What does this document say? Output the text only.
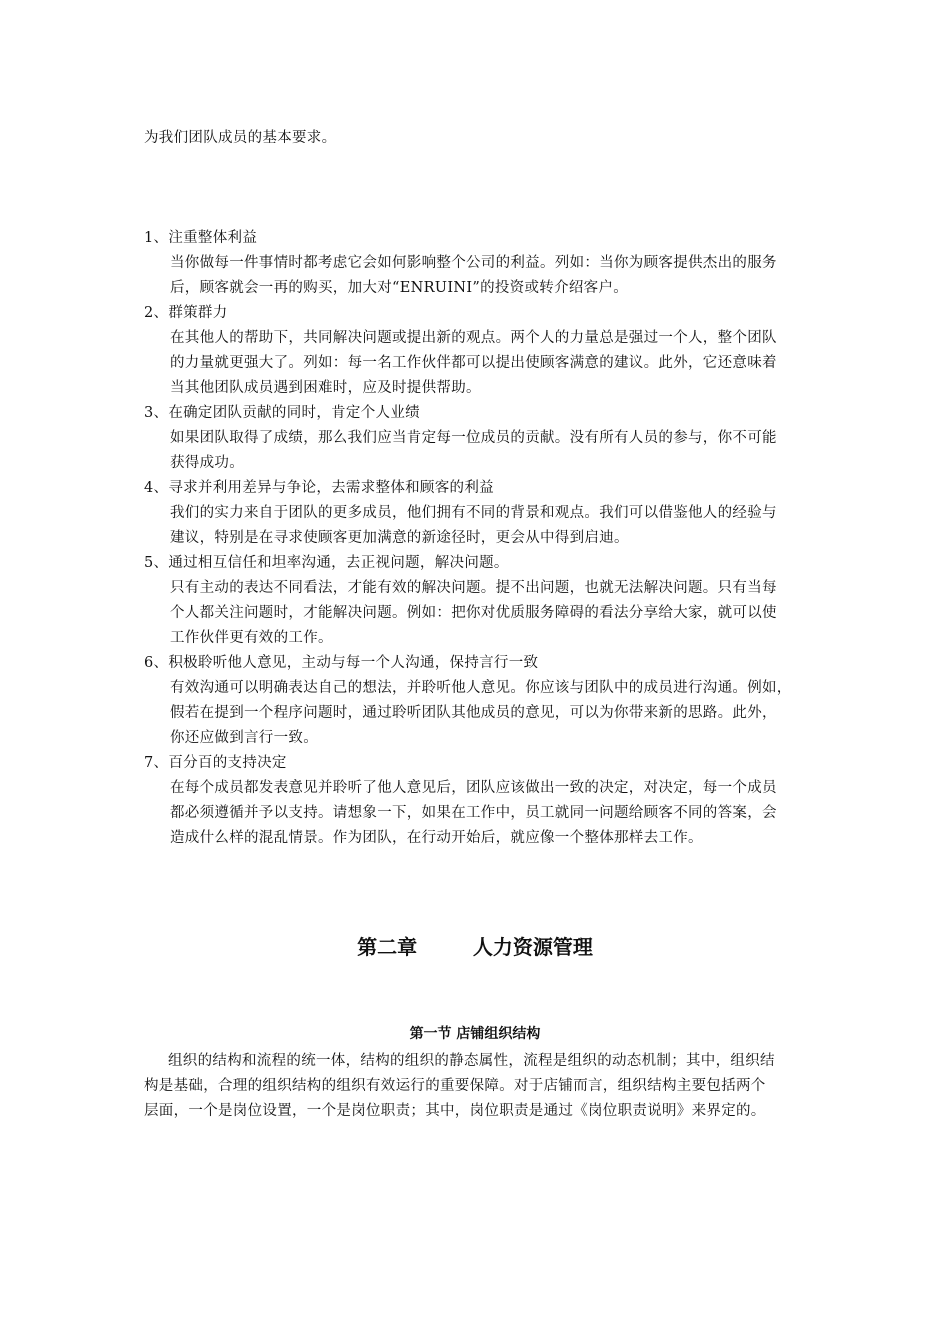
为我们团队成员的基本要求。
1、注重整体利益
当你做每一件事情时都考虑它会如何影响整个公司的利益。列如：当你为顾客提供杰出的服务
后，顾客就会一再的购买，加大对“ENRUINI”的投资或转介绍客户。
2、群策群力
在其他人的帮助下，共同解决问题或提出新的观点。两个人的力量总是强过一个人，整个团队
的力量就更强大了。列如：每一名工作伙伴都可以提出使顾客满意的建议。此外，它还意味着
当其他团队成员遇到困难时，应及时提供帮助。
3、在确定团队贡献的同时，肯定个人业绩
如果团队取得了成绩，那么我们应当肯定每一位成员的贡献。没有所有人员的参与，你不可能
获得成功。
4、寻求并利用差异与争论，去需求整体和顾客的利益
我们的实力来自于团队的更多成员，他们拥有不同的背景和观点。我们可以借鉴他人的经验与
建议，特别是在寻求使顾客更加满意的新途径时，更会从中得到启迪。
5、通过相互信任和坦率沟通，去正视问题，解决问题。
只有主动的表达不同看法，才能有效的解决问题。提不出问题，也就无法解决问题。只有当每
个人都关注问题时，才能解决问题。例如：把你对优质服务障碍的看法分享给大家，就可以使
工作伙伴更有效的工作。
6、积极聆听他人意见，主动与每一个人沟通，保持言行一致
有效沟通可以明确表达自己的想法，并聆听他人意见。你应该与团队中的成员进行沟通。例如，
假若在提到一个程序问题时，通过聆听团队其他成员的意见，可以为你带来新的思路。此外，
你还应做到言行一致。
7、百分百的支持决定
在每个成员都发表意见并聆听了他人意见后，团队应该做出一致的决定，对决定，每一个成员
都必须遵循并予以支持。请想象一下，如果在工作中，员工就同一问题给顾客不同的答案，会
造成什么样的混乱情景。作为团队，在行动开始后，就应像一个整体那样去工作。
第二章        人力资源管理
第一节 店铺组织结构
组织的结构和流程的统一体，结构的组织的静态属性，流程是组织的动态机制；其中，组织结
构是基础，合理的组织结构的组织有效运行的重要保障。对于店铺而言，组织结构主要包括两个
层面，一个是岗位设置，一个是岗位职责；其中，岗位职责是通过《岗位职责说明》来界定的。
